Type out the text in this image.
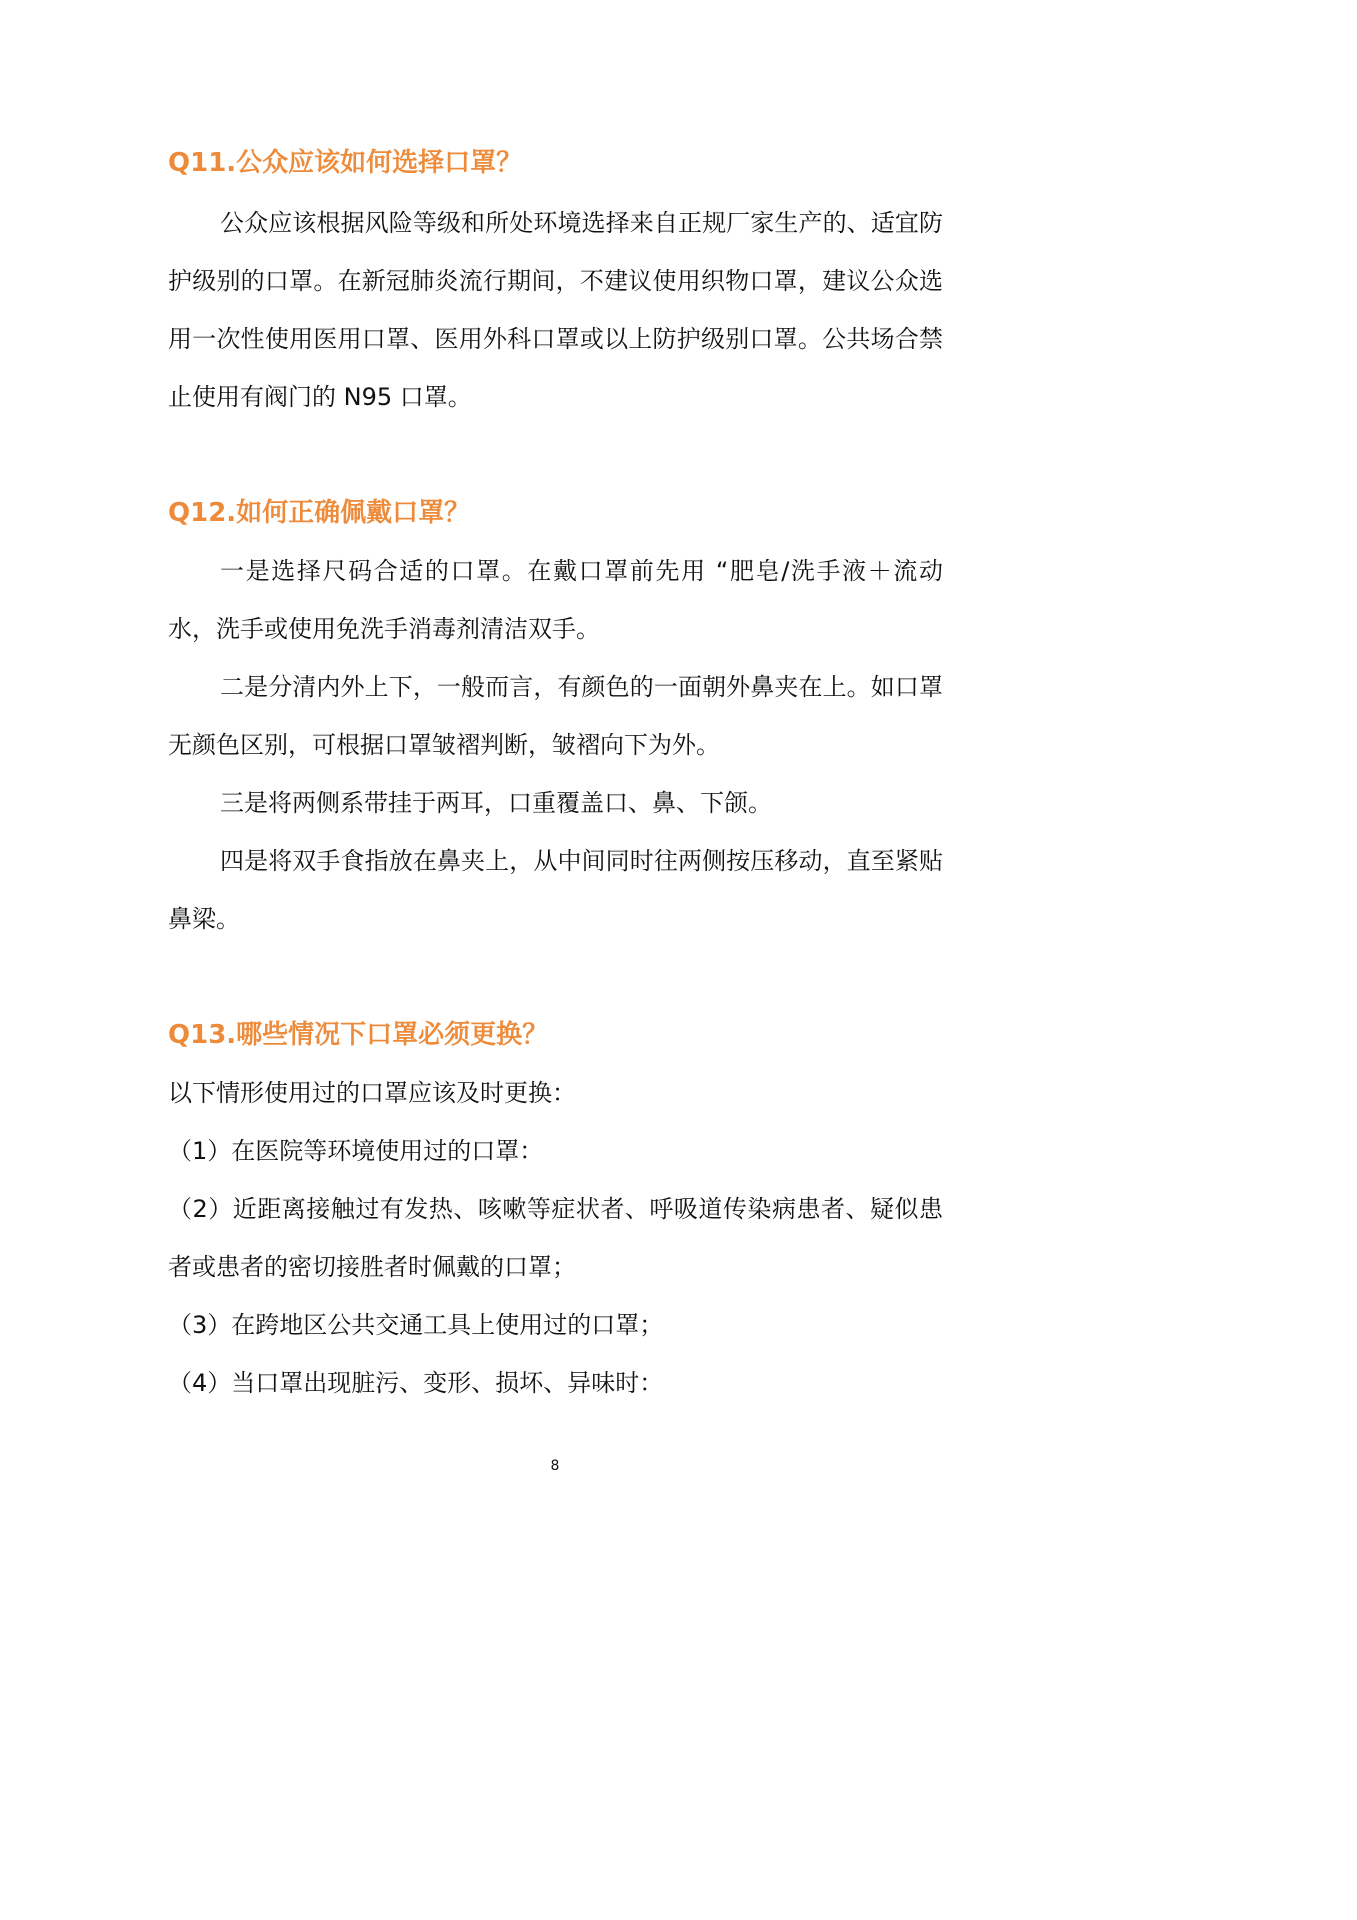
Q11.公众应该如何选择口罩？

公众应该根据风险等级和所处环境选择来自正规厂家生产的、适宜防护级别的口罩。在新冠肺炎流行期间，不建议使用织物口罩，建议公众选用一次性使用医用口罩、医用外科口罩或以上防护级别口罩。公共场合禁止使用有阀门的 N95 口罩。

Q12.如何正确佩戴口罩？

一是选择尺码合适的口罩。在戴口罩前先用 “肥皂/洗手液＋流动水，洗手或使用免洗手消毒剂清洁双手。

二是分清内外上下，一般而言，有颜色的一面朝外鼻夹在上。如口罩无颜色区别，可根据口罩皱褶判断，皱褶向下为外。

三是将两侧系带挂于两耳，口重覆盖口、鼻、下颌。

四是将双手食指放在鼻夹上，从中间同时往两侧按压移动，直至紧贴鼻梁。

Q13.哪些情况下口罩必须更换？

以下情形使用过的口罩应该及时更换：

（1）在医院等环境使用过的口罩：

（2）近距离接触过有发热、咳嗽等症状者、呼吸道传染病患者、疑似患者或患者的密切接胜者时佩戴的口罩；

（3）在跨地区公共交通工具上使用过的口罩；

（4）当口罩出现脏污、变形、损坏、异味时：

8
